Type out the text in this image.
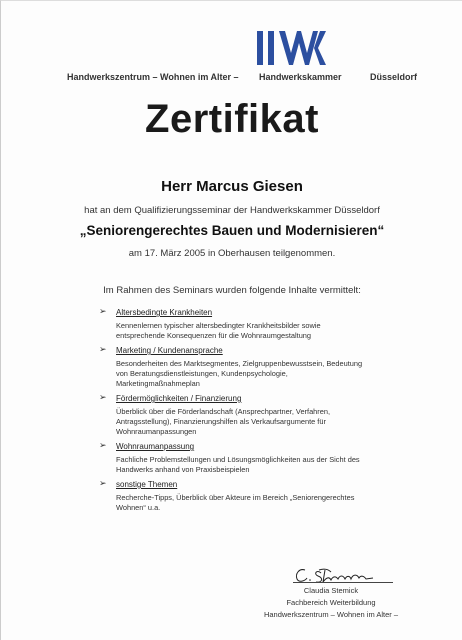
Handwerkszentrum – Wohnen im Alter – Handwerkskammer	Düsseldorf
Zertifikat
Herr Marcus Giesen
hat an dem Qualifizierungsseminar der Handwerkskammer Düsseldorf
„Seniorengerechtes Bauen und Modernisieren“
am 17. März 2005 in Oberhausen teilgenommen.
Im Rahmen des Seminars wurden folgende Inhalte vermittelt:
➢ Altersbedingte Krankheiten
Kennenlernen typischer altersbedingter Krankheitsbilder sowie entsprechende Konsequenzen für die Wohnraumgestaltung
➢ Marketing / Kundenansprache
Besonderheiten des Marktsegmentes, Zielgruppenbewusstsein, Bedeutung von Beratungsdienstleistungen, Kundenpsychologie, Marketingmaßnahmeplan
➢ Fördermöglichkeiten / Finanzierung
Überblick über die Förderlandschaft (Ansprechpartner, Verfahren, Antragsstellung), Finanzierungshilfen als Verkaufsargumente für Wohnraumanpassungen
➢ Wohnraumanpassung
Fachliche Problemstellungen und Lösungsmöglichkeiten aus der Sicht des Handwerks anhand von Praxisbeispielen
➢ sonstige Themen
Recherche-Tipps, Überblick über Akteure im Bereich „Seniorengerechtes Wohnen“ u.a.
Claudia Stemick
Fachbereich Weiterbildung
Handwerkszentrum – Wohnen im Alter –
